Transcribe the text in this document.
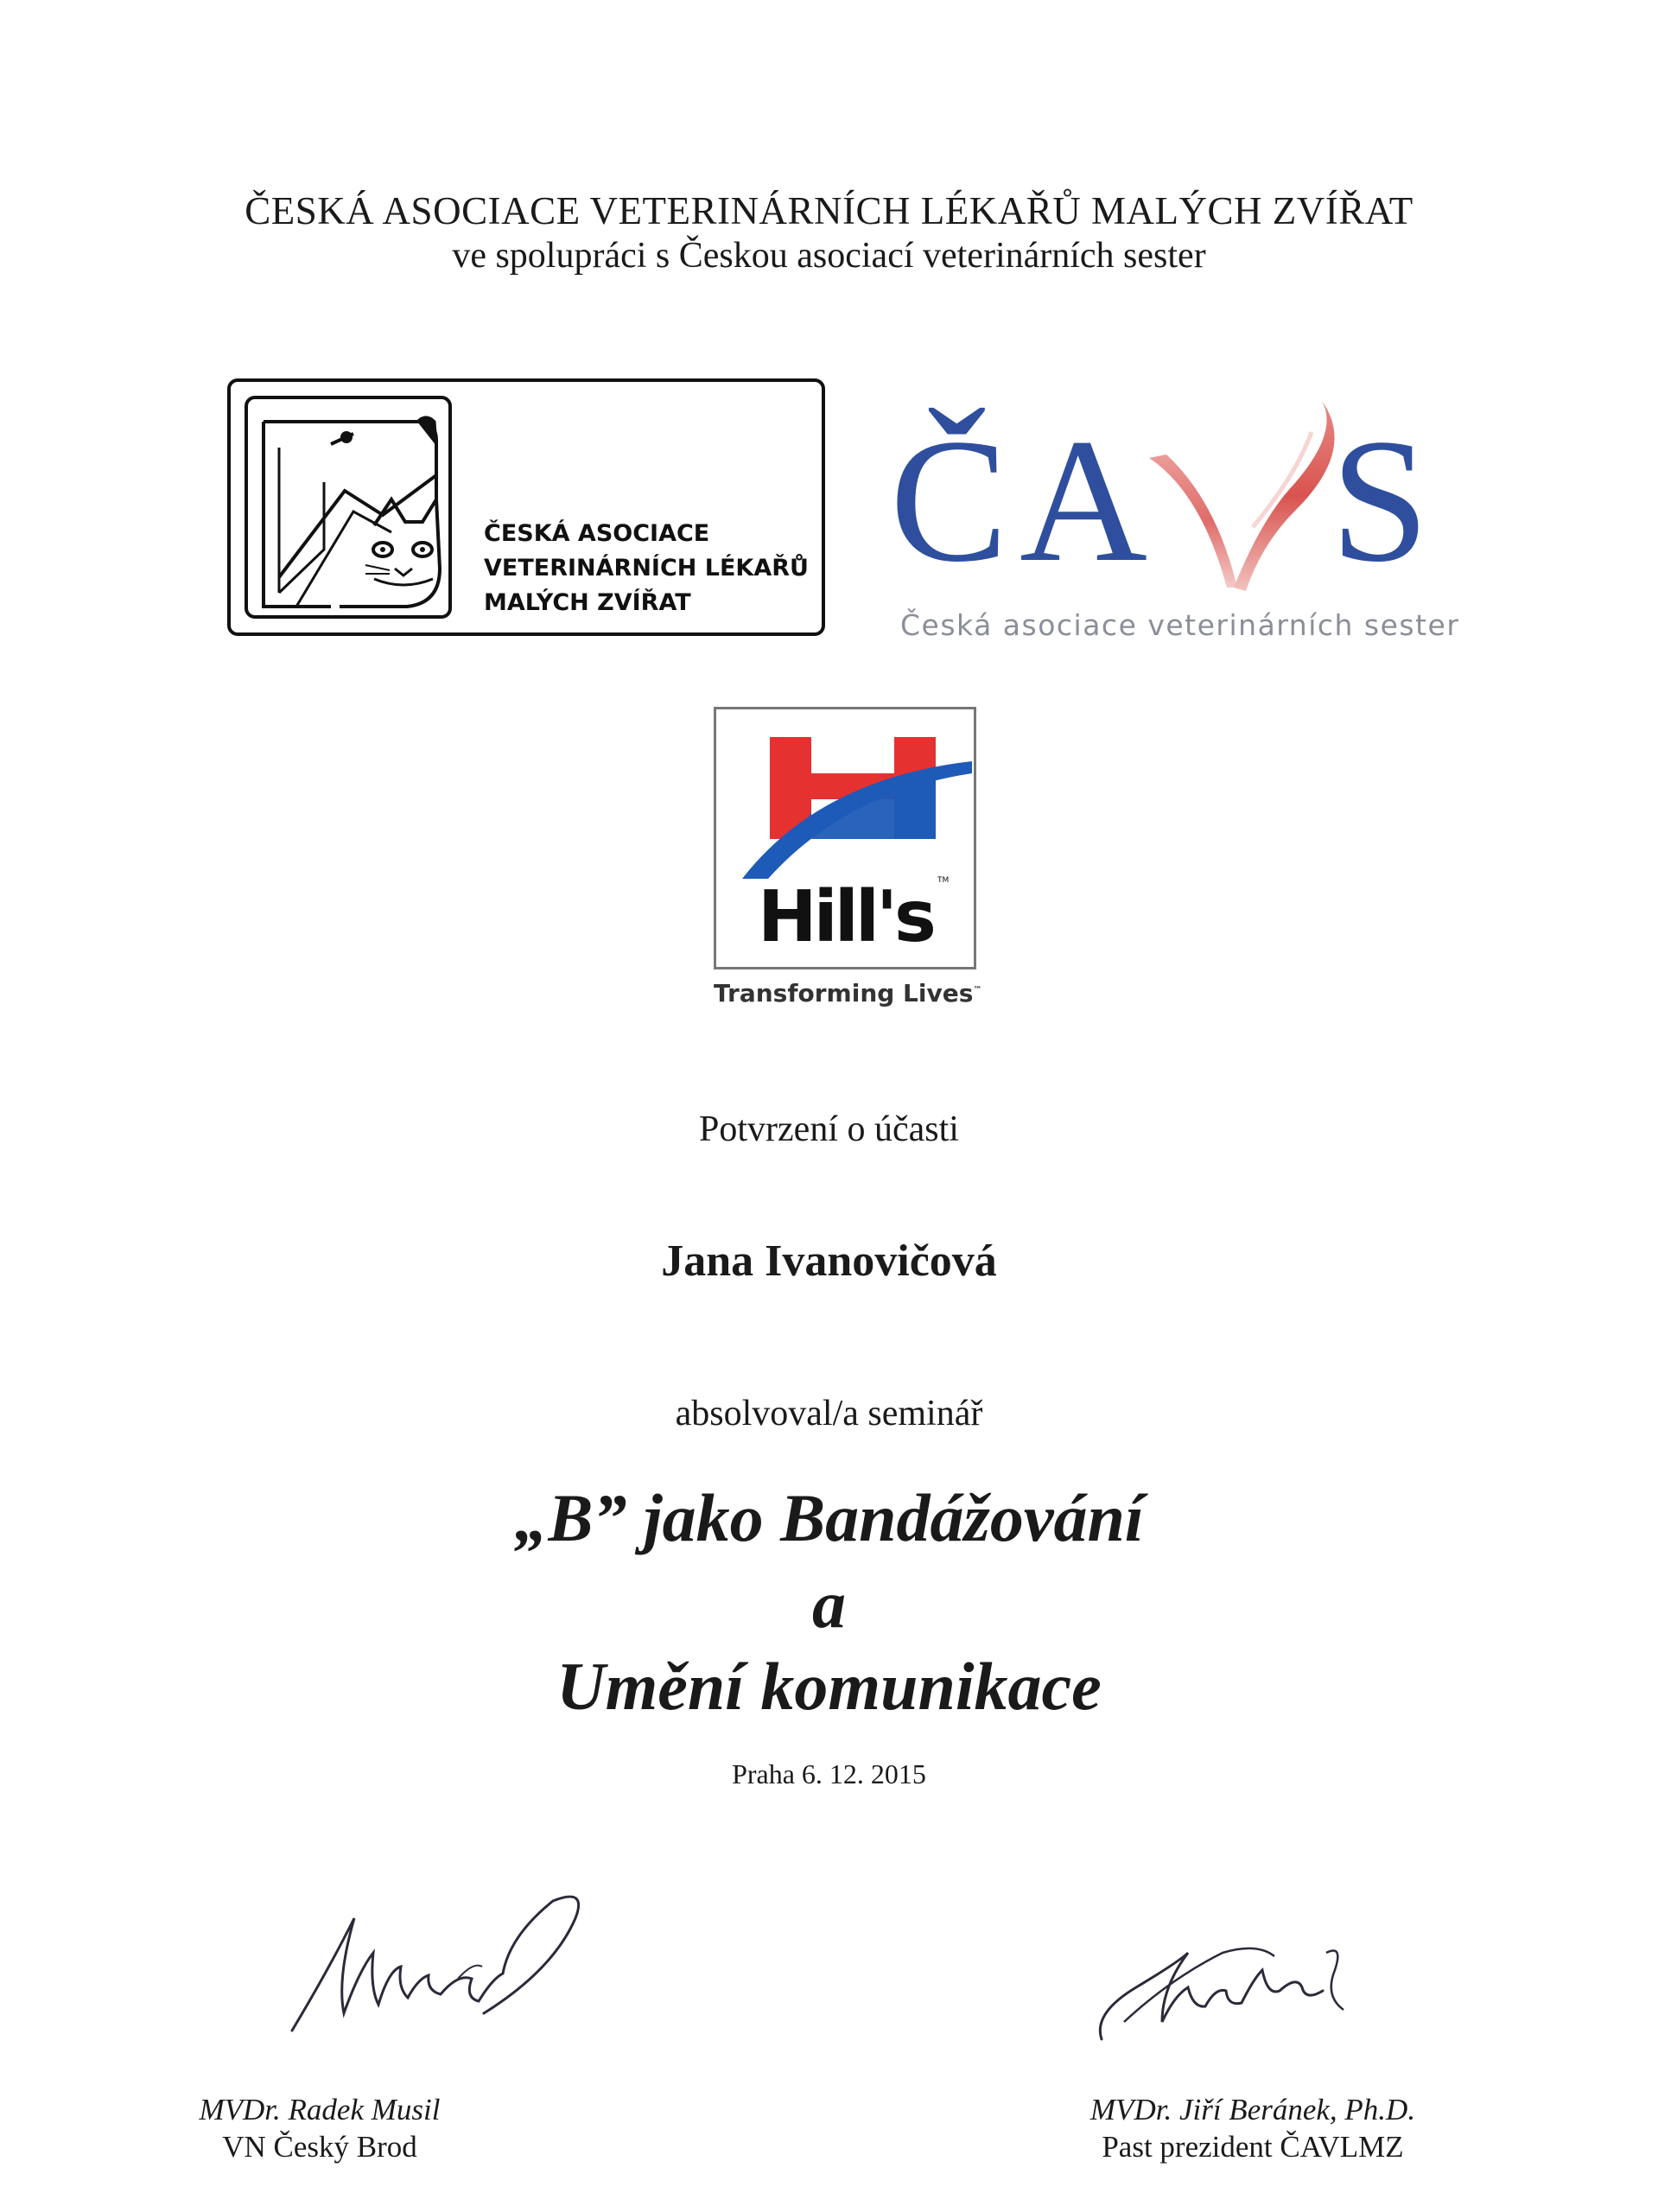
ČESKÁ ASOCIACE VETERINÁRNÍCH LÉKAŘŮ MALÝCH ZVÍŘAT
ve spolupráci s Českou asociací veterinárních sester
ČESKÁ ASOCIACE
VETERINÁRNÍCH LÉKAŘŮ
MALÝCH ZVÍŘAT
Č A S
Česká asociace veterinárních sester
Hill's TM
Transforming Lives™
Potvrzení o účasti
Jana Ivanovičová
absolvoval/a seminář
„B” jako Bandážování
a
Umění komunikace
Praha 6. 12. 2015
MVDr. Radek Musil
VN Český Brod
MVDr. Jiří Beránek, Ph.D.
Past prezident ČAVLMZ
